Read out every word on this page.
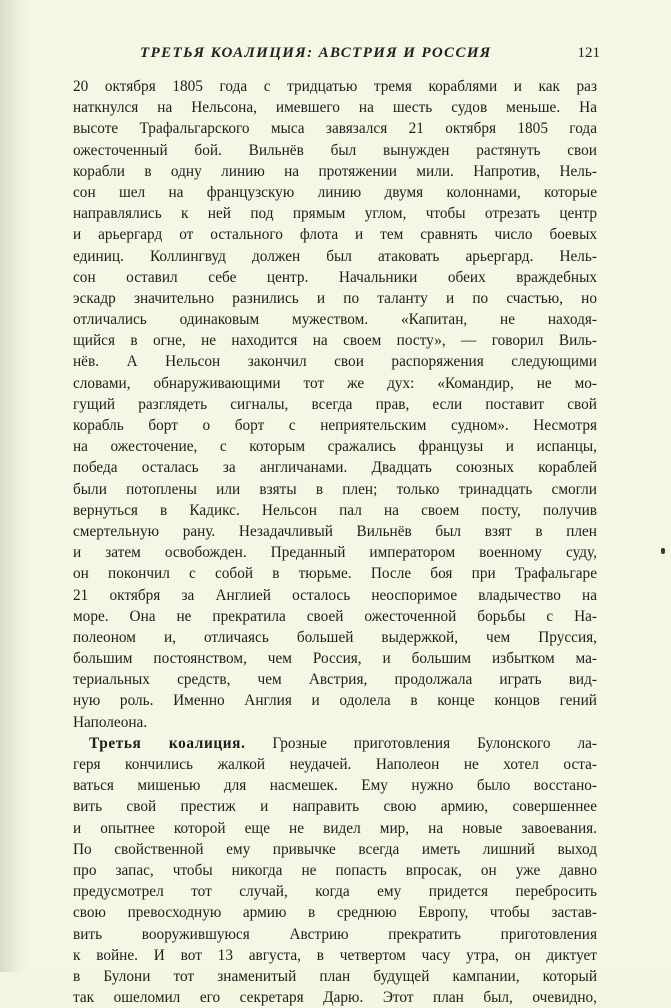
ТРЕТЬЯ КОАЛИЦИЯ: АВСТРИЯ И РОССИЯ	121
20 октября 1805 года с тридцатью тремя кораблями и как раз
наткнулся на Нельсона, имевшего на шесть судов меньше. На
высоте Трафальгарского мыса завязался 21 октября 1805 года
ожесточенный бой. Вильнёв был вынужден растянуть свои
корабли в одну линию на протяжении мили. Напротив, Нель-
сон шел на французскую линию двумя колоннами, которые
направлялись к ней под прямым углом, чтобы отрезать центр
и арьергард от остального флота и тем сравнять число боевых
единиц. Коллингвуд должен был атаковать арьергард. Нель-
сон оставил себе центр. Начальники обеих враждебных
эскадр значительно разнились и по таланту и по счастью, но
отличались одинаковым мужеством. «Капитан, не находя-
щийся в огне, не находится на своем посту», — говорил Виль-
нёв. А Нельсон закончил свои распоряжения следующими
словами, обнаруживающими тот же дух: «Командир, не мо-
гущий разглядеть сигналы, всегда прав, если поставит свой
корабль борт о борт с неприятельским судном». Несмотря
на ожесточение, с которым сражались французы и испанцы,
победа осталась за англичанами. Двадцать союзных кораблей
были потоплены или взяты в плен; только тринадцать смогли
вернуться в Кадикс. Нельсон пал на своем посту, получив
смертельную рану. Незадачливый Вильнёв был взят в плен
и затем освобожден. Преданный императором военному суду,
он покончил с собой в тюрьме. После боя при Трафальгаре
21 октября за Англией осталось неоспоримое владычество на
море. Она не прекратила своей ожесточенной борьбы с На-
полеоном и, отличаясь большей выдержкой, чем Пруссия,
большим постоянством, чем Россия, и большим избытком ма-
териальных средств, чем Австрия, продолжала играть вид-
ную роль. Именно Англия и одолела в конце концов гений
Наполеона.
Третья коалиция. Грозные приготовления Булонского ла-
геря кончились жалкой неудачей. Наполеон не хотел оста-
ваться мишенью для насмешек. Ему нужно было восстано-
вить свой престиж и направить свою армию, совершеннее
и опытнее которой еще не видел мир, на новые завоевания.
По свойственной ему привычке всегда иметь лишний выход
про запас, чтобы никогда не попасть впросак, он уже давно
предусмотрел тот случай, когда ему придется перебросить
свою превосходную армию в среднюю Европу, чтобы застав-
вить вооружившуюся Австрию прекратить приготовления
к войне. И вот 13 августа, в четвертом часу утра, он диктует
в Булони тот знаменитый план будущей кампании, который
так ошеломил его секретаря Дарю. Этот план был, очевидно,
